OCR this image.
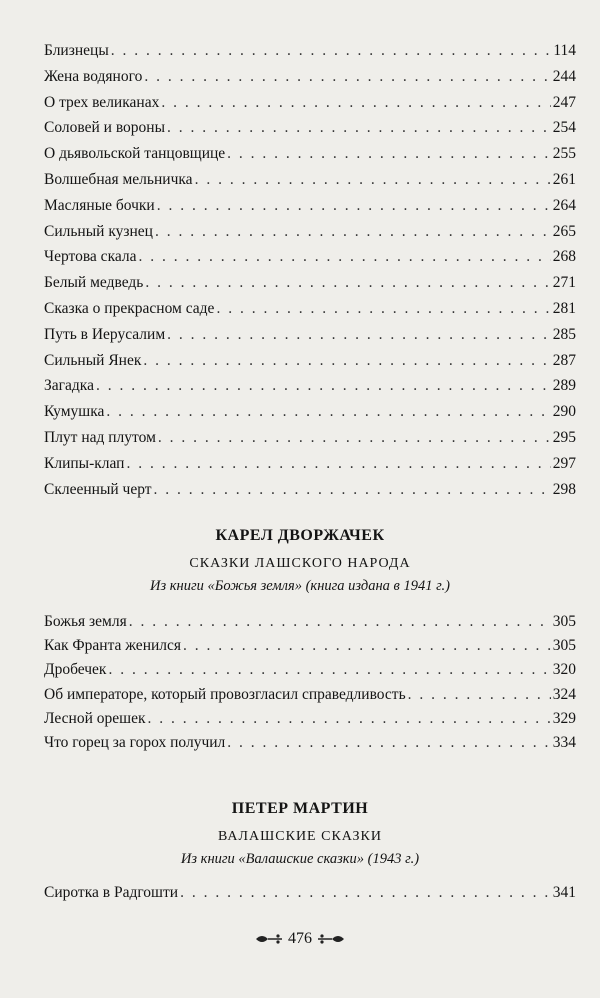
Близнецы . . .	114
Жена водяного . . .	244
О трех великанах . . .	247
Соловей и вороны . . .	254
О дьявольской танцовщице . . .	255
Волшебная мельничка . . .	261
Масляные бочки . . .	264
Сильный кузнец . . .	265
Чертова скала . . .	268
Белый медведь . . .	271
Сказка о прекрасном саде . . .	281
Путь в Иерусалим . . .	285
Сильный Янек . . .	287
Загадка . . .	289
Кумушка . . .	290
Плут над плутом . . .	295
Клипы-клап . . .	297
Склеенный черт . . .	298
КАРЕЛ ДВОРЖАЧЕК
СКАЗКИ ЛАШСКОГО НАРОДА
Из книги «Божья земля» (книга издана в 1941 г.)
Божья земля . . .	305
Как Франта женился . . .	305
Дробечек . . .	320
Об императоре, который провозгласил справедливость . . .	324
Лесной орешек . . .	329
Что горец за горох получил . . .	334
ПЕТЕР МАРТИН
ВАЛАШСКИЕ СКАЗКИ
Из книги «Валашские сказки» (1943 г.)
Сиротка в Радгошти . . .	341
476
